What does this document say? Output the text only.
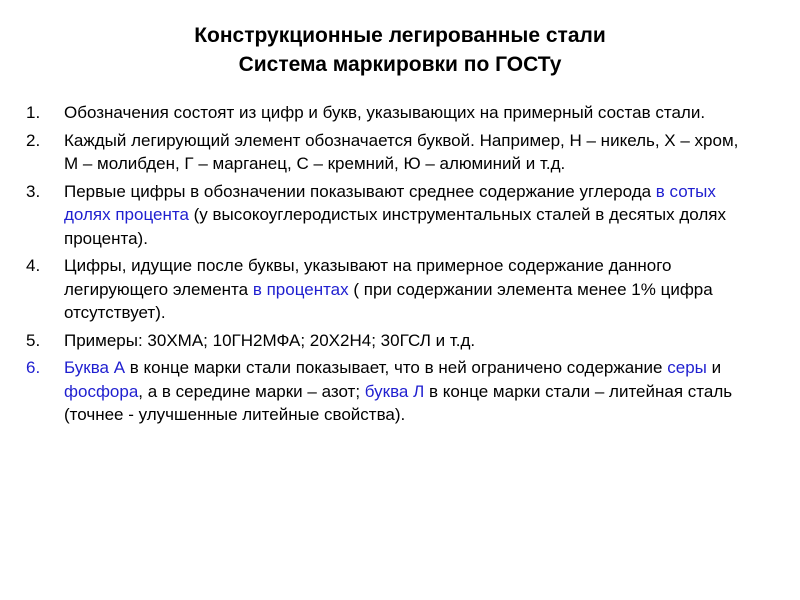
Конструкционные легированные стали
Система маркировки по ГОСТу
1. Обозначения состоят из цифр и букв, указывающих на примерный состав стали.
2. Каждый легирующий элемент обозначается буквой. Например, Н – никель, Х – хром, М – молибден, Г – марганец, С – кремний, Ю – алюминий и т.д.
3. Первые цифры в обозначении показывают среднее содержание углерода в сотых долях процента (у высокоуглеродистых инструментальных сталей в десятых долях процента).
4. Цифры, идущие после буквы, указывают на примерное содержание данного легирующего элемента в процентах ( при содержании элемента менее 1% цифра отсутствует).
5. Примеры: 30ХМА; 10ГН2МФА; 20Х2Н4; 30ГСЛ и т.д.
6. Буква А в конце марки стали показывает, что в ней ограничено содержание серы и фосфора, а в середине марки – азот; буква Л в конце марки стали – литейная сталь (точнее - улучшенные литейные свойства).
